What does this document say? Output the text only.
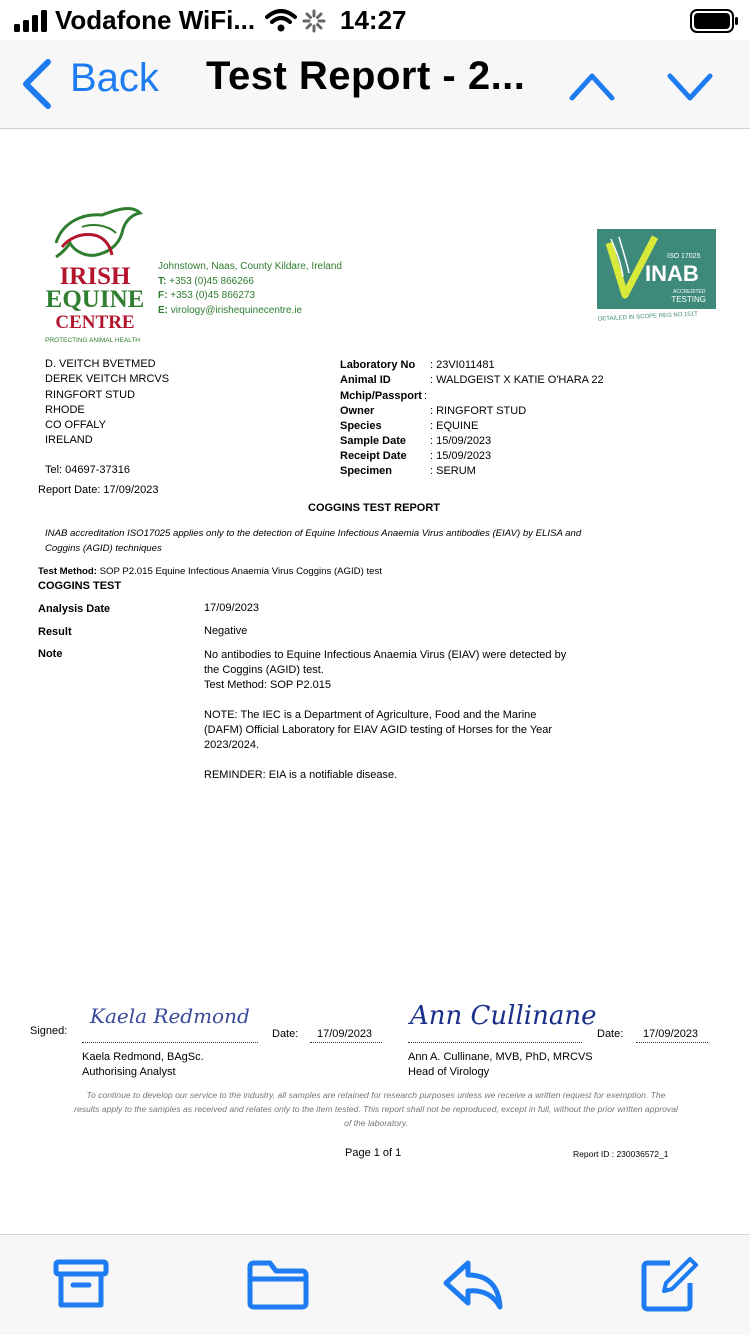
Vodafone WiFi...	14:27
Back Test Report - 2...
IRISH
EQUINE
CENTRE
PROTECTING ANIMAL HEALTH
Johnstown, Naas, County Kildare, Ireland
T: +353 (0)45 866266
F: +353 (0)45 866273
E: virology@irishequinecentre.ie
ISO 17025
INAB
ACCREDITED
TESTING
DETAILED IN SCOPE REG NO.151T
D. VEITCH BVETMED
DEREK VEITCH MRCVS
RINGFORT STUD
RHODE
CO OFFALY
IRELAND
Tel: 04697-37316
Report Date: 17/09/2023
Laboratory No : 23VI011481
Animal ID	: WALDGEIST X KATIE O'HARA 22
Mchip/Passport :
Owner	: RINGFORT STUD
Species	: EQUINE
Sample Date : 15/09/2023
Receipt Date : 15/09/2023
Specimen	: SERUM
COGGINS TEST REPORT
INAB accreditation ISO17025 applies only to the detection of Equine Infectious Anaemia Virus antibodies (EIAV) by ELISA and
Coggins (AGID) techniques
Test Method: SOP P2.015 Equine Infectious Anaemia Virus Coggins (AGID) test
COGGINS TEST
Analysis Date	17/09/2023
Result	Negative
Note	No antibodies to Equine Infectious Anaemia Virus (EIAV) were detected by
the Coggins (AGID) test.
Test Method: SOP P2.015
NOTE: The IEC is a Department of Agriculture, Food and the Marine
(DAFM) Official Laboratory for EIAV AGID testing of Horses for the Year
2023/2024.
REMINDER: EIA is a notifiable disease.
Signed:
Kaela Redmond
Date: 17/09/2023
Kaela Redmond, BAgSc.
Authorising Analyst
Ann Cullinane
Date: 17/09/2023
Ann A. Cullinane, MVB, PhD, MRCVS
Head of Virology
To continue to develop our service to the industry, all samples are retained for research purposes unless we receive a written request for exemption. The results apply to the samples as received and relates only to the item tested. This report shall not be reproduced, except in full, without the prior written approval of the laboratory.
Page 1 of 1	Report ID : 230036572_1
